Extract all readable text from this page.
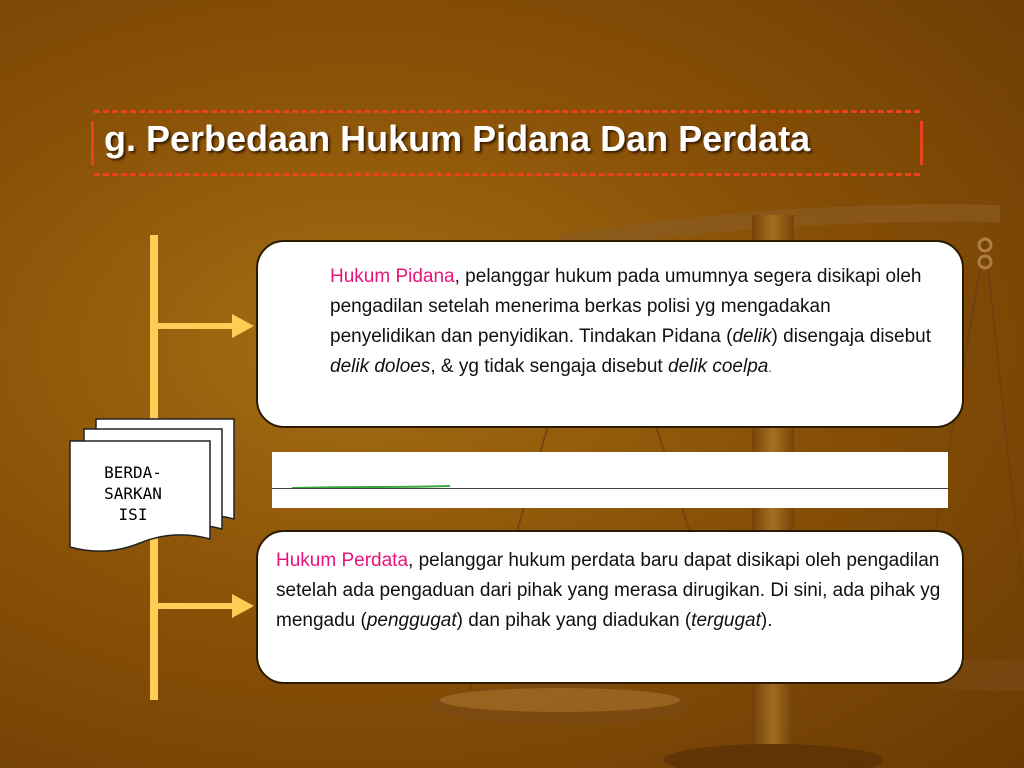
g. Perbedaan Hukum Pidana Dan Perdata
BERDA-
SARKAN
ISI
Hukum Pidana, pelanggar hukum pada umumnya segera disikapi oleh pengadilan setelah menerima berkas polisi yg mengadakan penyelidikan dan penyidikan. Tindakan Pidana (delik) disengaja disebut delik doloes, & yg tidak sengaja disebut delik coelpa.
Hukum Perdata, pelanggar hukum perdata baru dapat disikapi oleh pengadilan setelah ada pengaduan dari pihak yang merasa dirugikan. Di sini, ada pihak yg mengadu (penggugat) dan pihak yang diadukan (tergugat).
